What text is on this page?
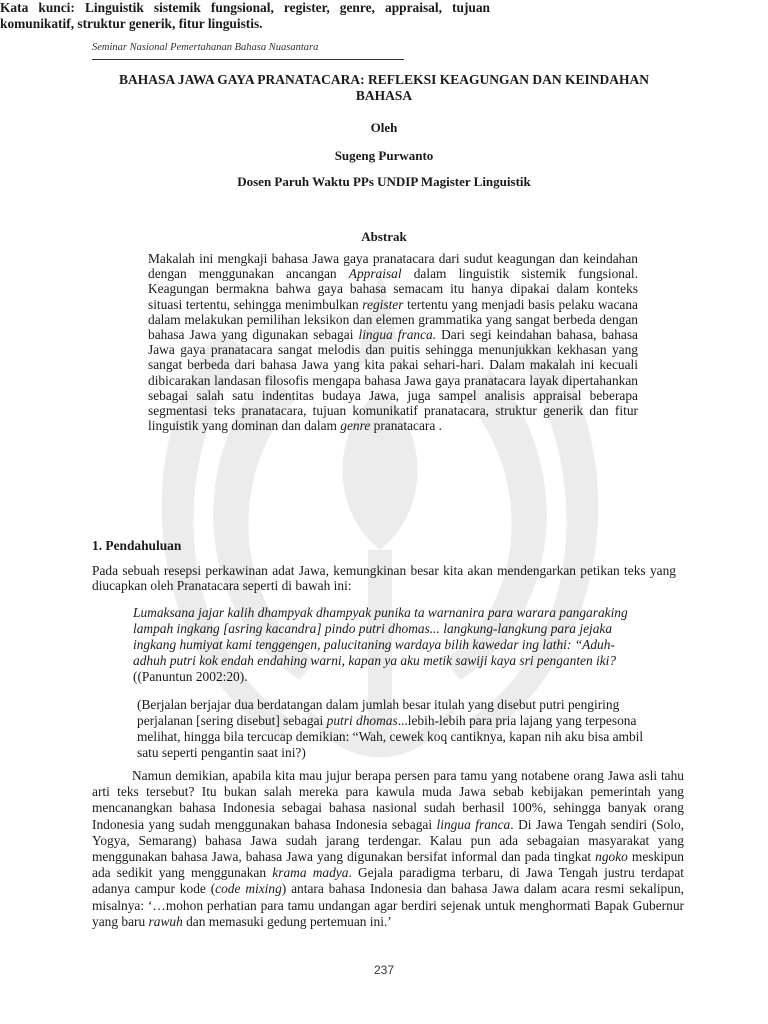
Seminar Nasional Pemertahanan Bahasa Nuasantara
BAHASA JAWA GAYA PRANATACARA: REFLEKSI KEAGUNGAN DAN KEINDAHAN BAHASA
Oleh
Sugeng Purwanto
Dosen Paruh Waktu PPs UNDIP Magister Linguistik
Abstrak
Makalah ini mengkaji bahasa Jawa gaya pranatacara dari sudut keagungan dan keindahan dengan menggunakan ancangan Appraisal dalam linguistik sistemik fungsional. Keagungan bermakna bahwa gaya bahasa semacam itu hanya dipakai dalam konteks situasi tertentu, sehingga menimbulkan register tertentu yang menjadi basis pelaku wacana dalam melakukan pemilihan leksikon dan elemen grammatika yang sangat berbeda dengan bahasa Jawa yang digunakan sebagai lingua franca. Dari segi keindahan bahasa, bahasa Jawa gaya pranatacara sangat melodis dan puitis sehingga menunjukkan kekhasan yang sangat berbeda dari bahasa Jawa yang kita pakai sehari-hari. Dalam makalah ini kecuali dibicarakan landasan filosofis mengapa bahasa Jawa gaya pranatacara layak dipertahankan sebagai salah satu indentitas budaya Jawa, juga sampel analisis appraisal beberapa segmentasi teks pranatacara, tujuan komunikatif pranatacara, struktur generik dan fitur linguistik yang dominan dan dalam genre pranatacara .
Kata kunci: Linguistik sistemik fungsional, register, genre, appraisal, tujuan komunikatif, struktur generik, fitur linguistis.
1. Pendahuluan
Pada sebuah resepsi perkawinan adat Jawa, kemungkinan besar kita akan mendengarkan petikan teks yang diucapkan oleh Pranatacara seperti di bawah ini:
Lumaksana jajar kalih dhampyak dhampyak punika ta warnanira para warara pangaraking lampah ingkang [asring kacandra] pindo putri dhomas... langkung-langkung para jejaka ingkang humiyat kami tenggengen, palucitaning wardaya bilih kawedar ing lathi: “Aduh-adhuh putri kok endah endahing warni, kapan ya aku metik sawiji kaya sri penganten iki? ((Panuntun 2002:20).
(Berjalan berjajar dua berdatangan dalam jumlah besar itulah yang disebut putri pengiring perjalanan [sering disebut] sebagai putri dhomas...lebih-lebih para pria lajang yang terpesona melihat, hingga bila tercucap demikian: “Wah, cewek koq cantiknya, kapan nih aku bisa ambil satu seperti pengantin saat ini?)
Namun demikian, apabila kita mau jujur berapa persen para tamu yang notabene orang Jawa asli tahu arti teks tersebut? Itu bukan salah mereka para kawula muda Jawa sebab kebijakan pemerintah yang mencanangkan bahasa Indonesia sebagai bahasa nasional sudah berhasil 100%, sehingga banyak orang Indonesia yang sudah menggunakan bahasa Indonesia sebagai lingua franca. Di Jawa Tengah sendiri (Solo, Yogya, Semarang) bahasa Jawa sudah jarang terdengar. Kalau pun ada sebagaian masyarakat yang menggunakan bahasa Jawa, bahasa Jawa yang digunakan bersifat informal dan pada tingkat ngoko meskipun ada sedikit yang menggunakan krama madya. Gejala paradigma terbaru, di Jawa Tengah justru terdapat adanya campur kode (code mixing) antara bahasa Indonesia dan bahasa Jawa dalam acara resmi sekalipun, misalnya: ‘…mohon perhatian para tamu undangan agar berdiri sejenak untuk menghormati Bapak Gubernur yang baru rawuh dan memasuki gedung pertemuan ini.’
237
